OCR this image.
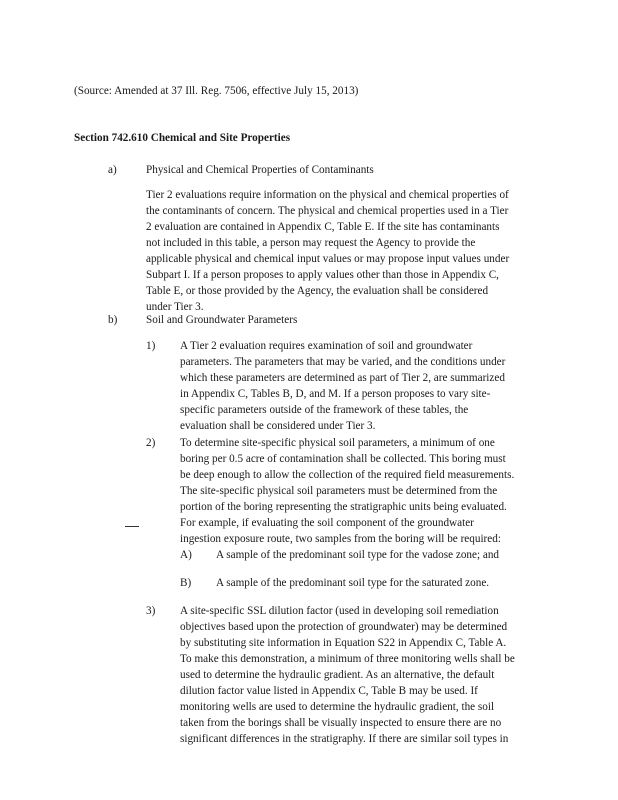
(Source: Amended at 37 Ill. Reg. 7506, effective July 15, 2013)
Section 742.610 Chemical and Site Properties
a)	Physical and Chemical Properties of Contaminants
Tier 2 evaluations require information on the physical and chemical properties of
the contaminants of concern. The physical and chemical properties used in a Tier
2 evaluation are contained in Appendix C, Table E. If the site has contaminants
not included in this table, a person may request the Agency to provide the
applicable physical and chemical input values or may propose input values under
Subpart I. If a person proposes to apply values other than those in Appendix C,
Table E, or those provided by the Agency, the evaluation shall be considered
under Tier 3.
b)	Soil and Groundwater Parameters
1) A Tier 2 evaluation requires examination of soil and groundwater
parameters. The parameters that may be varied, and the conditions under
which these parameters are determined as part of Tier 2, are summarized
in Appendix C, Tables B, D, and M. If a person proposes to vary site-
specific parameters outside of the framework of these tables, the
evaluation shall be considered under Tier 3.
2) To determine site-specific physical soil parameters, a minimum of one
boring per 0.5 acre of contamination shall be collected. This boring must
be deep enough to allow the collection of the required field measurements.
The site-specific physical soil parameters must be determined from the
portion of the boring representing the stratigraphic units being evaluated.
For example, if evaluating the soil component of the groundwater
ingestion exposure route, two samples from the boring will be required:
A) A sample of the predominant soil type for the vadose zone; and
B) A sample of the predominant soil type for the saturated zone.
3) A site-specific SSL dilution factor (used in developing soil remediation
objectives based upon the protection of groundwater) may be determined
by substituting site information in Equation S22 in Appendix C, Table A.
To make this demonstration, a minimum of three monitoring wells shall be
used to determine the hydraulic gradient. As an alternative, the default
dilution factor value listed in Appendix C, Table B may be used. If
monitoring wells are used to determine the hydraulic gradient, the soil
taken from the borings shall be visually inspected to ensure there are no
significant differences in the stratigraphy. If there are similar soil types in
